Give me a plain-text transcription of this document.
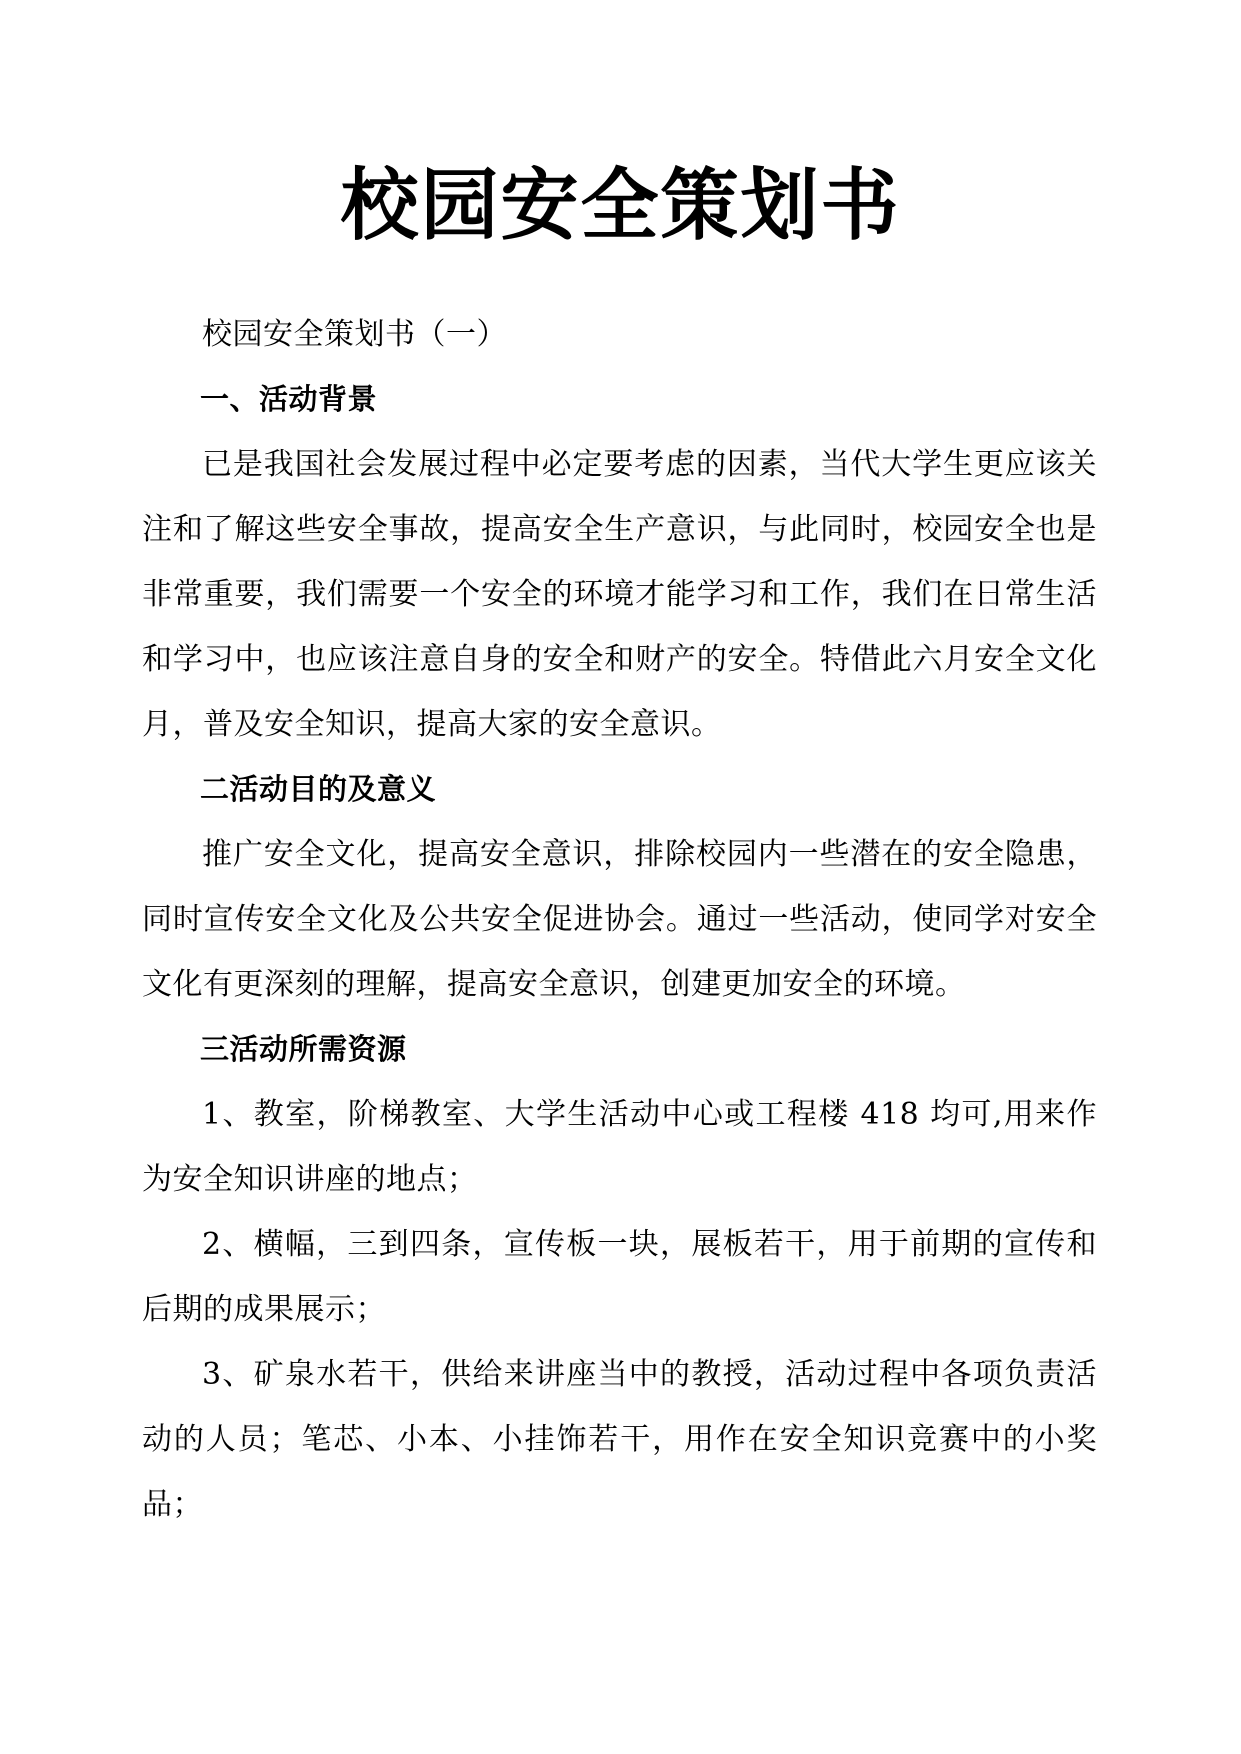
校园安全策划书

校园安全策划书（一）

一、活动背景

已是我国社会发展过程中必定要考虑的因素，当代大学生更应该关注和了解这些安全事故，提高安全生产意识，与此同时，校园安全也是非常重要，我们需要一个安全的环境才能学习和工作，我们在日常生活和学习中，也应该注意自身的安全和财产的安全。特借此六月安全文化月，普及安全知识，提高大家的安全意识。

二活动目的及意义

推广安全文化，提高安全意识，排除校园内一些潜在的安全隐患，同时宣传安全文化及公共安全促进协会。通过一些活动，使同学对安全文化有更深刻的理解，提高安全意识，创建更加安全的环境。

三活动所需资源

1、教室，阶梯教室、大学生活动中心或工程楼 418 均可,用来作为安全知识讲座的地点；

2、横幅，三到四条，宣传板一块，展板若干，用于前期的宣传和后期的成果展示；

3、矿泉水若干，供给来讲座当中的教授，活动过程中各项负责活动的人员；笔芯、小本、小挂饰若干，用作在安全知识竞赛中的小奖品；
